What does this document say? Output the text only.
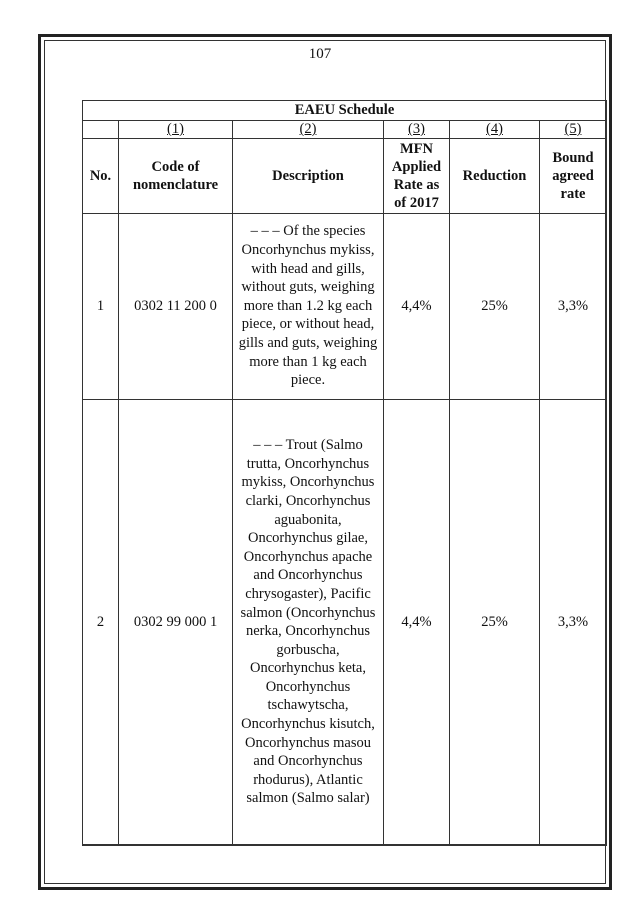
107
EAEU Schedule					
	(1)	(2)	(3)	(4)	(5)
No.	Code of nomenclature	Description	MFN Applied Rate as of 2017	Reduction	Bound agreed rate
1	0302 11 200 0	– – – Of the species Oncorhynchus mykiss, with head and gills, without guts, weighing more than 1.2 kg each piece, or without head, gills and guts, weighing more than 1 kg each piece.	4,4%	25%	3,3%
2	0302 99 000 1	– – – Trout (Salmo trutta, Oncorhynchus mykiss, Oncorhynchus clarki, Oncorhynchus aguabonita, Oncorhynchus gilae, Oncorhynchus apache and Oncorhynchus chrysogaster), Pacific salmon (Oncorhynchus nerka, Oncorhynchus gorbuscha, Oncorhynchus keta, Oncorhynchus tschawytscha, Oncorhynchus kisutch, Oncorhynchus masou and Oncorhynchus rhodurus), Atlantic salmon (Salmo salar)	4,4%	25%	3,3%
